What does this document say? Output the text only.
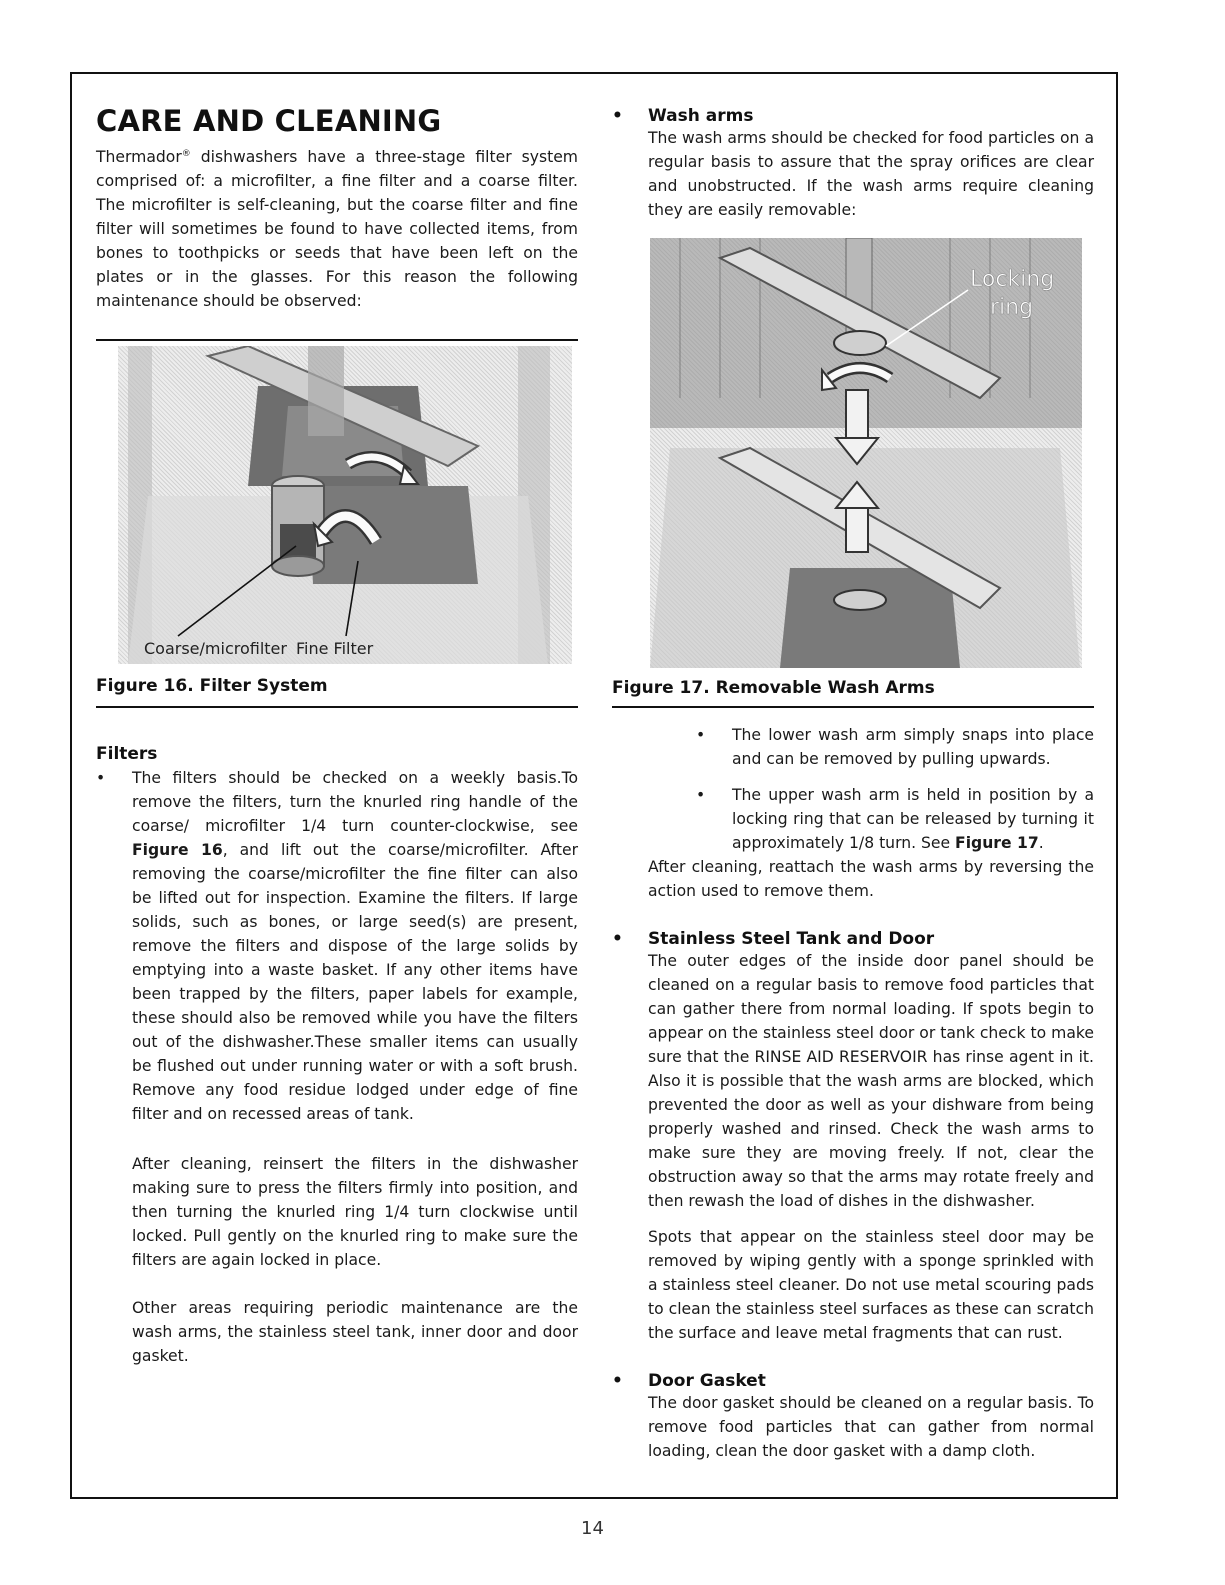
CARE AND CLEANING

Thermador® dishwashers have a three-stage filter system comprised of: a microfilter, a fine filter and a coarse filter. The microfilter is self-cleaning, but the coarse filter and fine filter will sometimes be found to have collected items, from bones to toothpicks or seeds that have been left on the plates or in the glasses. For this reason the following maintenance should be observed:

Coarse/microfilter Fine Filter
Figure 16. Filter System

Filters

• The filters should be checked on a weekly basis.To remove the filters, turn the knurled ring handle of the coarse/ microfilter 1/4 turn counter-clockwise, see Figure 16, and lift out the coarse/microfilter. After removing the coarse/microfilter the fine filter can also be lifted out for inspection. Examine the filters. If large solids, such as bones, or large seed(s) are present, remove the filters and dispose of the large solids by emptying into a waste basket. If any other items have been trapped by the filters, paper labels for example, these should also be removed while you have the filters out of the dishwasher.These smaller items can usually be flushed out under running water or with a soft brush. Remove any food residue lodged under edge of fine filter and on recessed areas of tank.

After cleaning, reinsert the filters in the dishwasher making sure to press the filters firmly into position, and then turning the knurled ring 1/4 turn clockwise until locked. Pull gently on the knurled ring to make sure the filters are again locked in place.

Other areas requiring periodic maintenance are the wash arms, the stainless steel tank, inner door and door gasket.

• Wash arms

The wash arms should be checked for food particles on a regular basis to assure that the spray orifices are clear and unobstructed. If the wash arms require cleaning they are easily removable:

Locking
ring
Figure 17. Removable Wash Arms
• The lower wash arm simply snaps into place and can be removed by pulling upwards.
• The upper wash arm is held in position by a locking ring that can be released by turning it approximately 1/8 turn. See Figure 17.

After cleaning, reattach the wash arms by reversing the action used to remove them.

• Stainless Steel Tank and Door

The outer edges of the inside door panel should be cleaned on a regular basis to remove food particles that can gather there from normal loading. If spots begin to appear on the stainless steel door or tank check to make sure that the RINSE AID RESERVOIR has rinse agent in it. Also it is possible that the wash arms are blocked, which prevented the door as well as your dishware from being properly washed and rinsed. Check the wash arms to make sure they are moving freely. If not, clear the obstruction away so that the arms may rotate freely and then rewash the load of dishes in the dishwasher.

Spots that appear on the stainless steel door may be removed by wiping gently with a sponge sprinkled with a stainless steel cleaner. Do not use metal scouring pads to clean the stainless steel surfaces as these can scratch the surface and leave metal fragments that can rust.

• Door Gasket

The door gasket should be cleaned on a regular basis. To remove food particles that can gather from normal loading, clean the door gasket with a damp cloth.

14
